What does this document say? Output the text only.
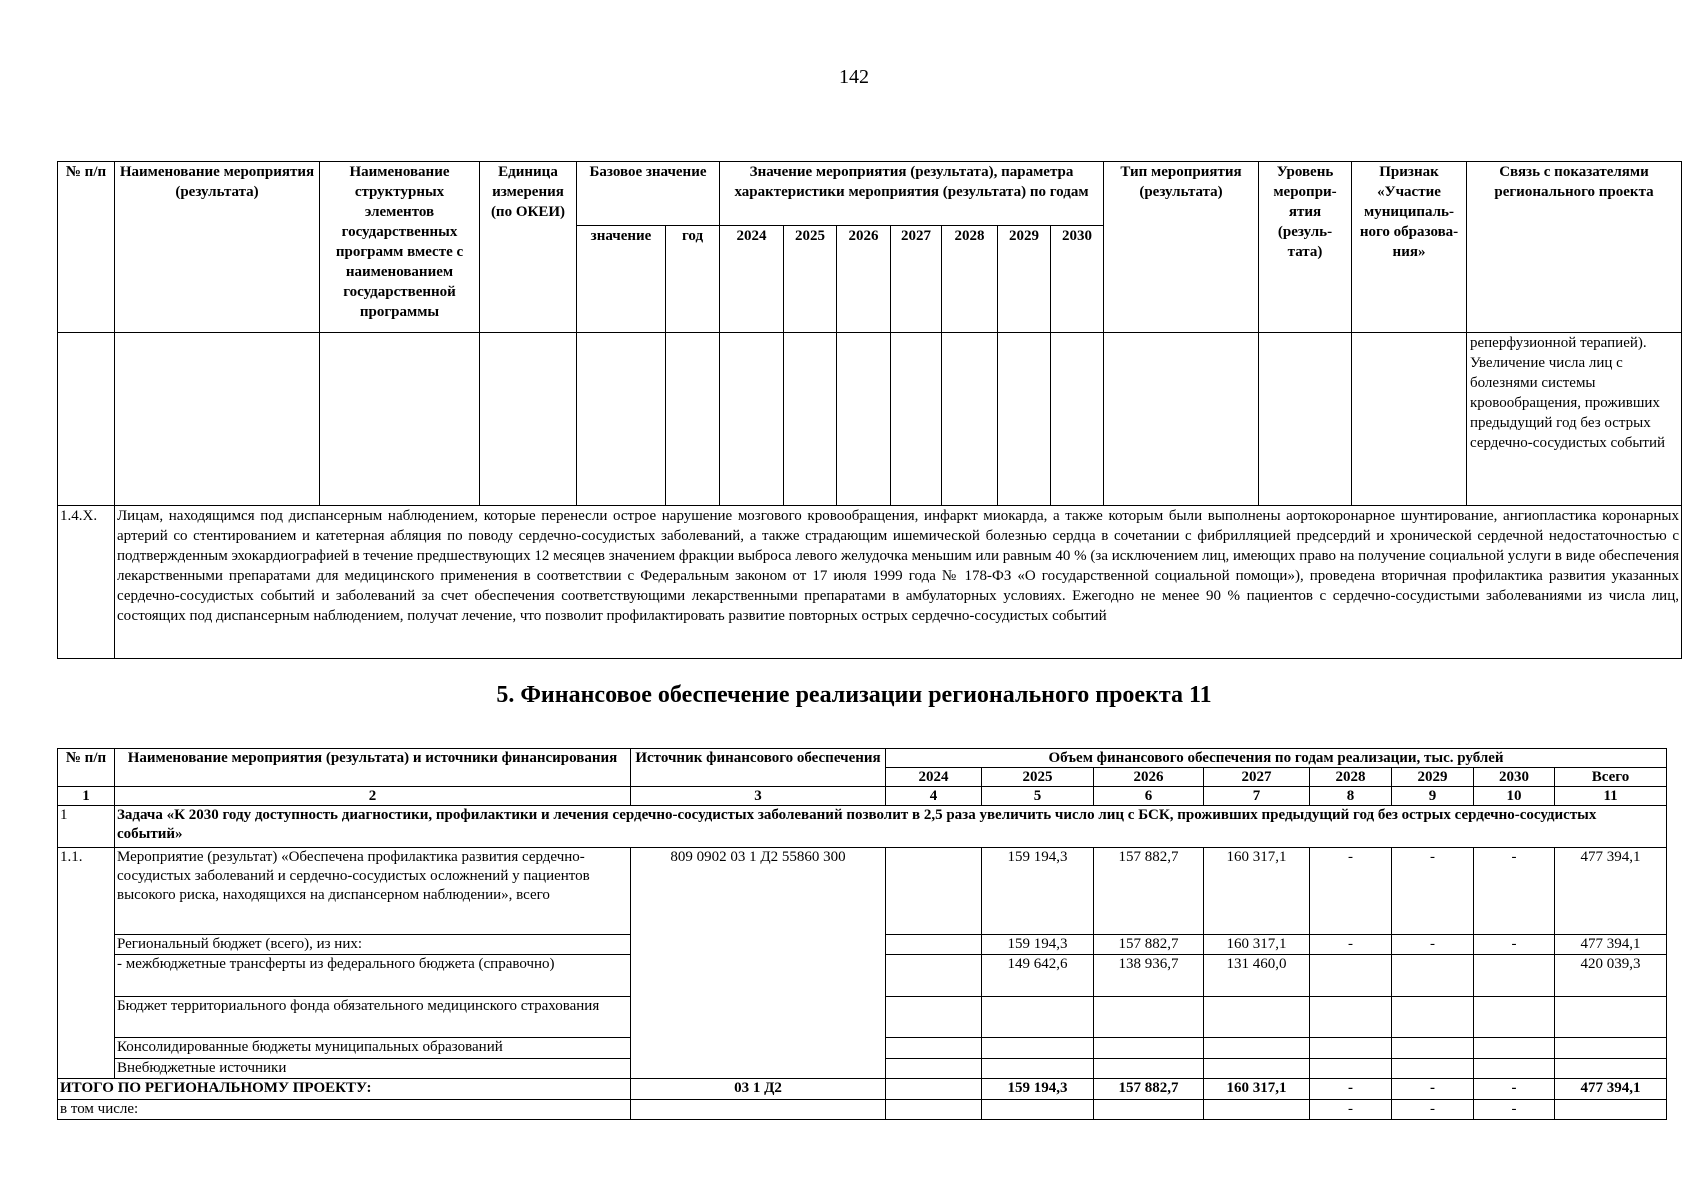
142
№ п/п	Наименование мероприятия (результата)	Наименование структурных элементов государственных программ вместе с наименованием государственной программы	Единица измерения (по ОКЕИ)	Базовое значение		Значение мероприятия (результата), параметра характеристики мероприятия (результата) по годам							Тип мероприятия (результата)	Уровень меропри-ятия (резуль-тата)	Признак «Участие муниципаль-ного образова-ния»	Связь с показателями регионального проекта
				значение	год	2024	2025	2026	2027	2028	2029	2030				
																реперфузионной терапией). Увеличение числа лиц с болезнями системы кровообращения, проживших предыдущий год без острых сердечно-сосудистых событий
1.4.Х.	Лицам, находящимся под диспансерным наблюдением, которые перенесли острое нарушение мозгового кровообращения, инфаркт миокарда, а также которым были выполнены аортокоронарное шунтирование, ангиопластика коронарных артерий со стентированием и катетерная абляция по поводу сердечно-сосудистых заболеваний, а также страдающим ишемической болезнью сердца в сочетании с фибрилляцией предсердий и хронической сердечной недостаточностью с подтвержденным эхокардиографией в течение предшествующих 12 месяцев значением фракции выброса левого желудочка меньшим или равным 40 % (за исключением лиц, имеющих право на получение социальной услуги в виде обеспечения лекарственными препаратами для медицинского применения в соответствии с Федеральным законом от 17 июля 1999 года № 178-ФЗ «О государственной социальной помощи»), проведена вторичная профилактика развития указанных сердечно-сосудистых событий и заболеваний за счет обеспечения соответствующими лекарственными препаратами в амбулаторных условиях. Ежегодно не менее 90 % пациентов с сердечно-сосудистыми заболеваниями из числа лиц, состоящих под диспансерным наблюдением, получат лечение, что позволит профилактировать развитие повторных острых сердечно-сосудистых событий															
5. Финансовое обеспечение реализации регионального проекта 11
№ п/п	Наименование мероприятия (результата) и источники финансирования	Источник финансового обеспечения	Объем финансового обеспечения по годам реализации, тыс. рублей							
			2024	2025	2026	2027	2028	2029	2030	Всего
1	2	3	4	5	6	7	8	9	10	11
1	Задача «К 2030 году доступность диагностики, профилактики и лечения сердечно-сосудистых заболеваний позволит в 2,5 раза увеличить число лиц с БСК, проживших предыдущий год без острых сердечно-сосудистых событий»									
1.1.	Мероприятие (результат) «Обеспечена профилактика развития сердечно-сосудистых заболеваний и сердечно-сосудистых осложнений у пациентов высокого риска, находящихся на диспансерном наблюдении», всего	809 0902 03 1 Д2 55860 300		159 194,3	157 882,7	160 317,1	-	-	-	477 394,1
	Региональный бюджет (всего), из них:			159 194,3	157 882,7	160 317,1	-	-	-	477 394,1
	- межбюджетные трансферты из федерального бюджета (справочно)			149 642,6	138 936,7	131 460,0				420 039,3
	Бюджет территориального фонда обязательного медицинского страхования									
	Консолидированные бюджеты муниципальных образований									
	Внебюджетные источники									
ИТОГО ПО РЕГИОНАЛЬНОМУ ПРОЕКТУ:		03 1 Д2		159 194,3	157 882,7	160 317,1	-	-	-	477 394,1
в том числе:							-	-	-	
